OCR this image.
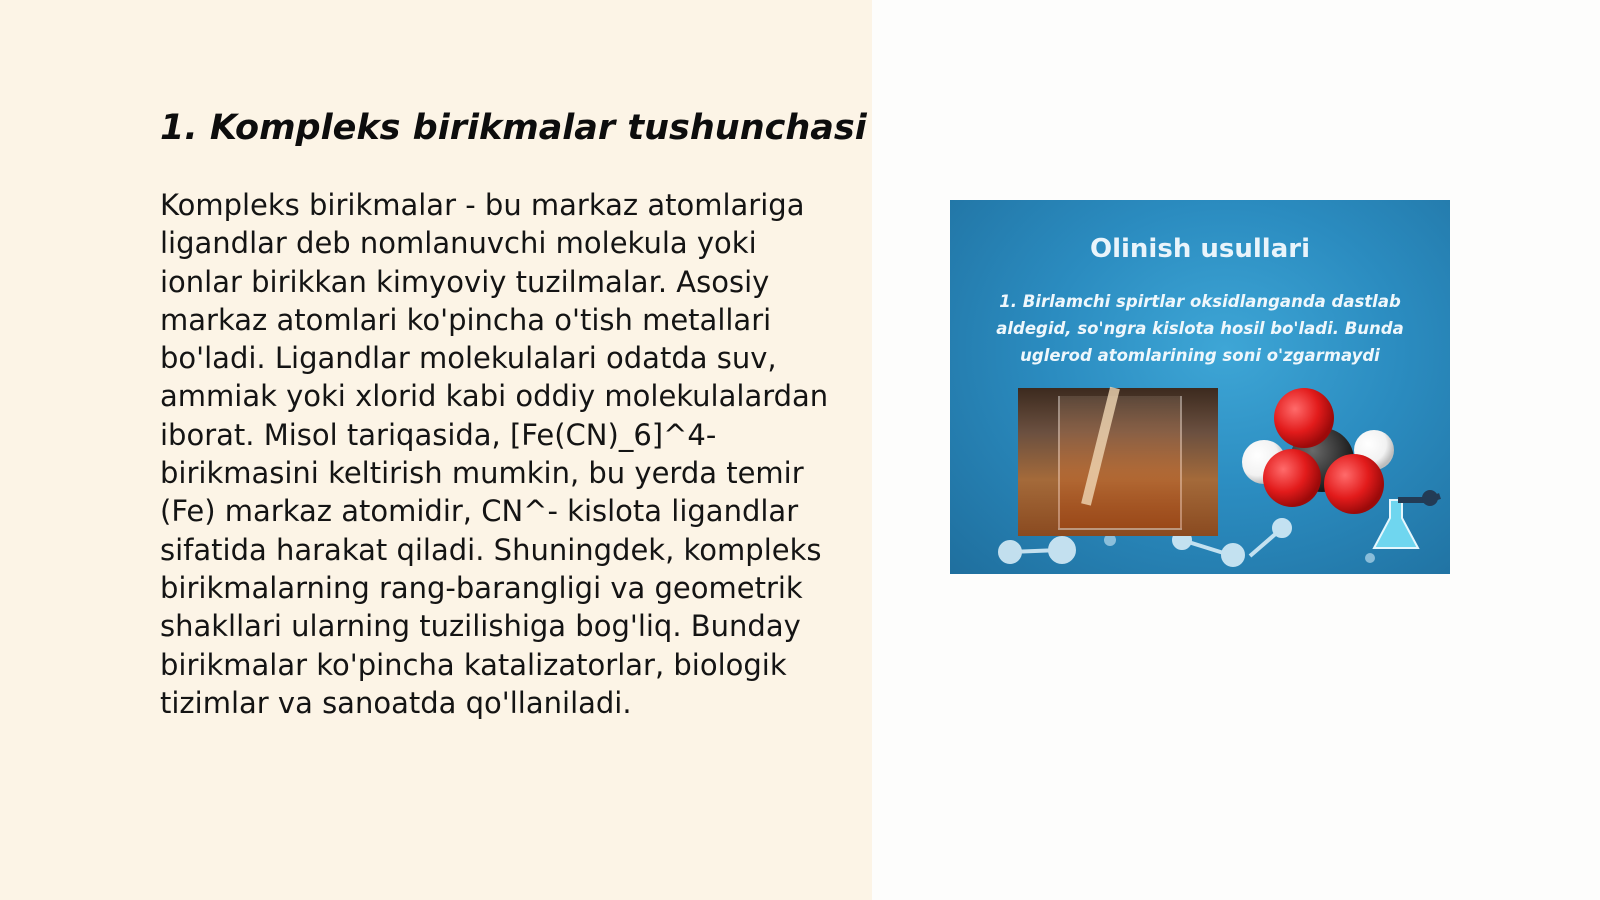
1. Kompleks birikmalar tushunchasi

Kompleks birikmalar - bu markaz atomlariga ligandlar deb nomlanuvchi molekula yoki ionlar birikkan kimyoviy tuzilmalar. Asosiy markaz atomlari ko'pincha o'tish metallari bo'ladi. Ligandlar molekulalari odatda suv, ammiak yoki xlorid kabi oddiy molekulalardan iborat. Misol tariqasida, [Fe(CN)_6]^4- birikmasini keltirish mumkin, bu yerda temir (Fe) markaz atomidir, CN^- kislota ligandlar sifatida harakat qiladi. Shuningdek, kompleks birikmalarning rang-barangligi va geometrik shakllari ularning tuzilishiga bog'liq. Bunday birikmalar ko'pincha katalizatorlar, biologik tizimlar va sanoatda qo'llaniladi.

Olinish usullari
1. Birlamchi spirtlar oksidlanganda dastlab aldegid, so'ngra kislota hosil bo'ladi. Bunda uglerod atomlarining soni o'zgarmaydi
